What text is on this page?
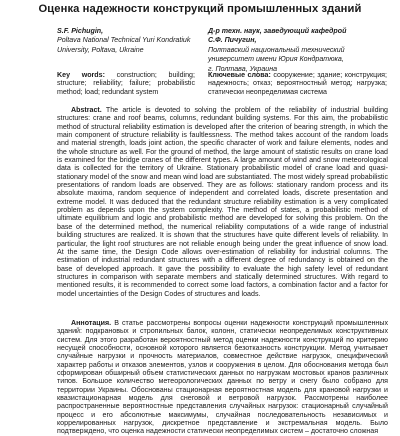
Оценка надежности конструкций промышленных зданий
S.F. Pichugin,
Poltava National Technical Yuri Kondratiuk
University, Poltava, Ukraine
Д-р техн. наук, заведующий кафедрой
С.Ф. Пичугин,
Полтавский национальный технический
университет имени Юрия Кондратюка,
г. Полтава, Украина
Key words: construction; building; structure; reliability; failure; probabilistic method; load; redundant system
Ключевые слова: сооружение; здание; конструкция; надежность; отказ; вероятностный метод; нагрузка; статически неопределимая система
Abstract. The article is devoted to solving the problem of the reliability of industrial building structures: crane and roof beams, columns, redundant building systems. For this aim, the probabilistic method of structural reliability estimation is developed after the criterion of bearing strength, in which the main component of structure reliability is faultlessness. The method takes account of the random loads and material strength, loads joint action, the specific character of work and failure elements, nodes and the whole structure as well. For the ground of method, the large amount of statistic results on crane load is examined for the bridge cranes of the different types. A large amount of wind and snow meteorological data is collected for the territory of Ukraine. Stationary probabilistic model of crane load and quasi-stationary model of the snow and mean wind load are substantiated. The most widely spread probabilistic presentations of random loads are observed. They are as follows: stationary random process and its absolute maxima, random sequence of independent and correlated loads, discrete presentation and extreme model. It was deduced that the redundant structure reliability estimation is a very complicated problem as depends upon the system complexity. The method of states, a probabilistic method of ultimate equilibrium and logic and probabilistic method are developed for solving this problem. On the base of the determined method, the numerical reliability computations of a wide range of industrial building structures are realized. It is shown that the structures have quite different levels of reliability. In particular, the light roof structures are not reliable enough being under the great influence of snow load. At the same time, the Design Code allows over-estimation of reliability for industrial columns. The estimation of industrial redundant structures with a different degree of redundancy is obtained on the base of developed approach. It gave the possibility to evaluate the high safety level of redundant structures in comparison with separate members and statically determined structures. With regard to mentioned results, it is recommended to correct some load factors, a combination factor and a factor for model uncertainties of the Design Codes of structures and loads.
Аннотация. В статье рассмотрены вопросы оценки надежности конструкций промышленных зданий: подкрановых и стропильных балок, колонн, статически неопределимых конструктивных систем. Для этого разработан вероятностный метод оценки надежности конструкций по критерию несущей способности, основной которого является безотказность конструкции. Метод учитывает случайные нагрузки и прочность материалов, совместное действие нагрузок, специфический характер работы и отказов элементов, узлов и сооружения в целом. Для обоснования метода был сформирован обширный объем статистических данных по нагрузкам мостовых кранов различных типов. Большое количество метеорологических данных по ветру и снегу было собрано для территории Украины. Обоснованы стационарная вероятностная модель для крановой нагрузки и квазистационарная модель для снеговой и ветровой нагрузок. Рассмотрены наиболее распространенные вероятностные представления случайных нагрузок: стационарный случайный процесс и его абсолютные максимумы, случайная последовательность независимых и коррелированных нагрузок, дискретное представление и экстремальная модель. Было подтверждено, что оценка надежности статически неопределимых систем – достаточно сложная
